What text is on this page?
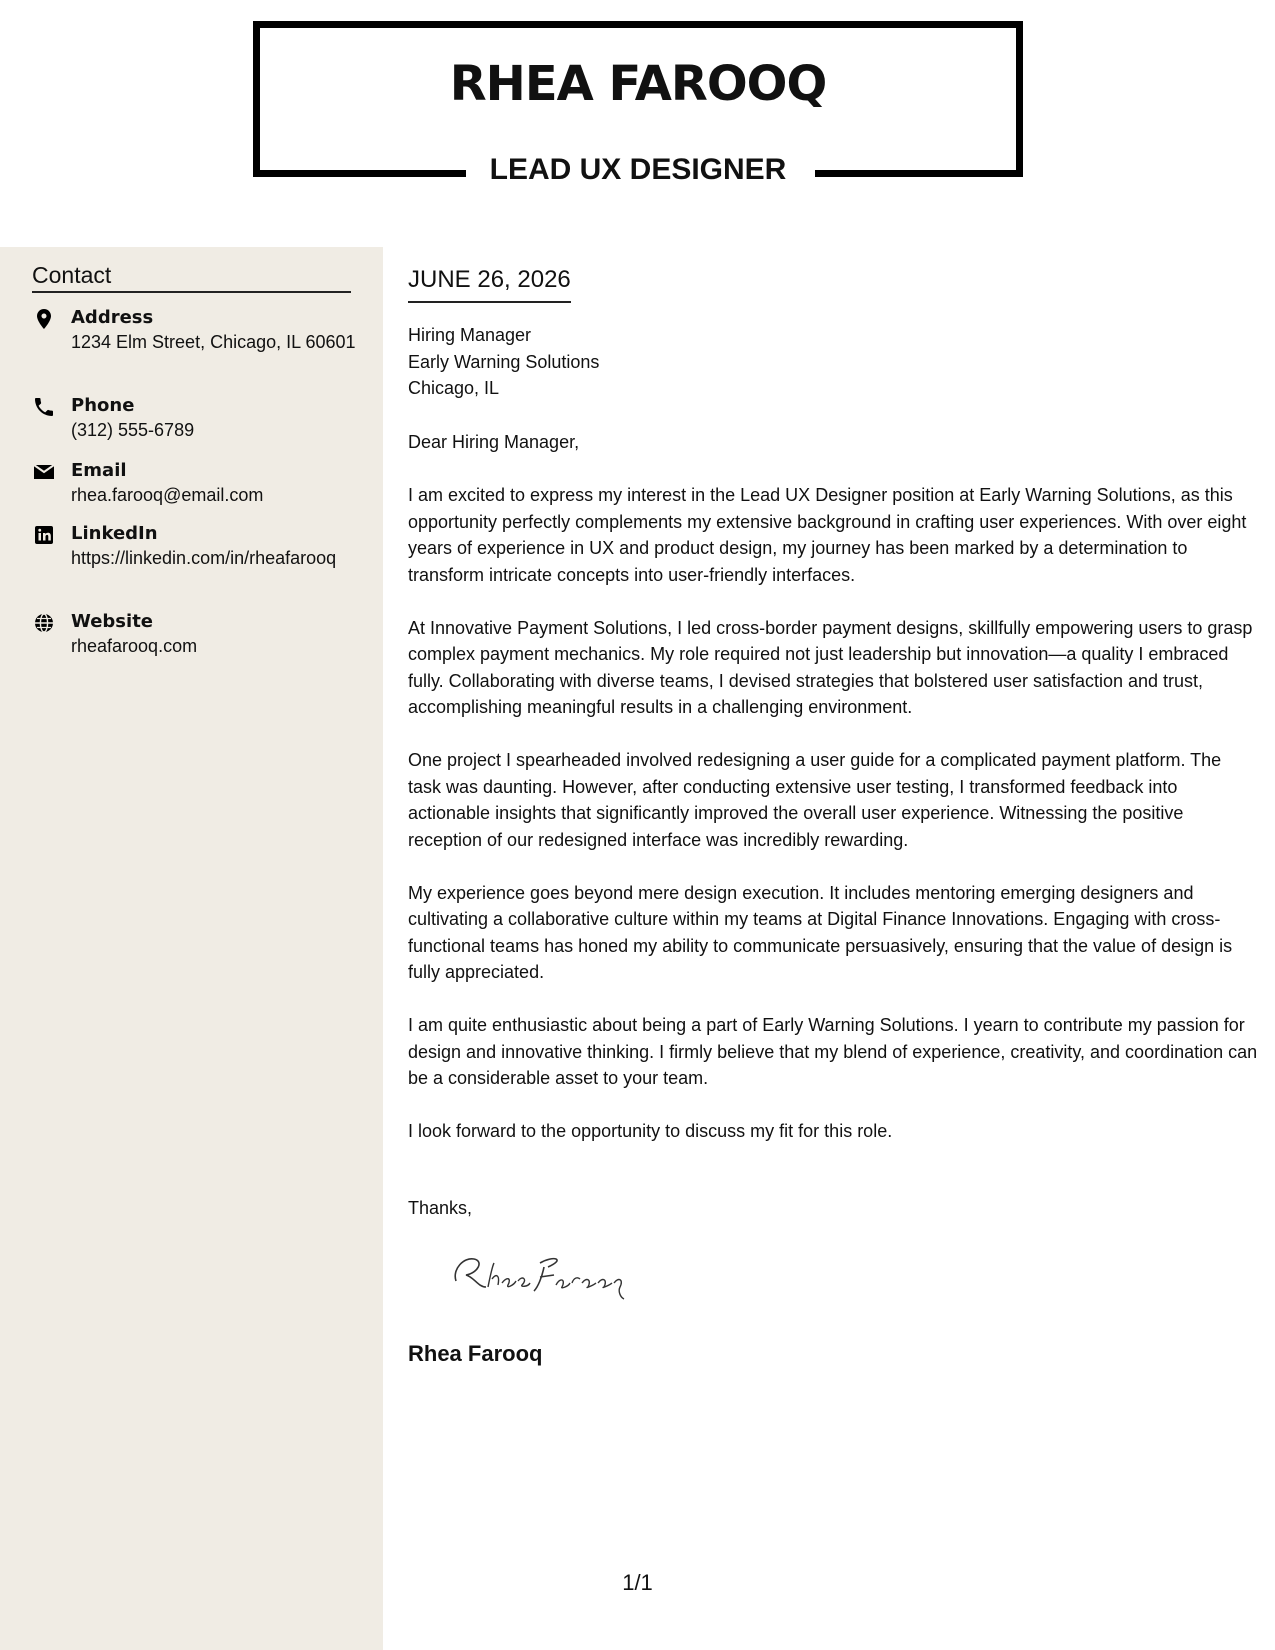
RHEA FAROOQ
LEAD UX DESIGNER
Contact
Address
1234 Elm Street, Chicago, IL 60601
Phone
(312) 555-6789
Email
rhea.farooq@email.com
LinkedIn
https://linkedin.com/in/rheafarooq
Website
rheafarooq.com
JUNE 26, 2026
Hiring Manager
Early Warning Solutions
Chicago, IL
Dear Hiring Manager,

I am excited to express my interest in the Lead UX Designer position at Early Warning Solutions, as this opportunity perfectly complements my extensive background in crafting user experiences. With over eight years of experience in UX and product design, my journey has been marked by a determination to transform intricate concepts into user-friendly interfaces.

At Innovative Payment Solutions, I led cross-border payment designs, skillfully empowering users to grasp complex payment mechanics. My role required not just leadership but innovation—a quality I embraced fully. Collaborating with diverse teams, I devised strategies that bolstered user satisfaction and trust, accomplishing meaningful results in a challenging environment.

One project I spearheaded involved redesigning a user guide for a complicated payment platform. The task was daunting. However, after conducting extensive user testing, I transformed feedback into actionable insights that significantly improved the overall user experience. Witnessing the positive reception of our redesigned interface was incredibly rewarding.

My experience goes beyond mere design execution. It includes mentoring emerging designers and cultivating a collaborative culture within my teams at Digital Finance Innovations. Engaging with cross-functional teams has honed my ability to communicate persuasively, ensuring that the value of design is fully appreciated.

I am quite enthusiastic about being a part of Early Warning Solutions. I yearn to contribute my passion for design and innovative thinking. I firmly believe that my blend of experience, creativity, and coordination can be a considerable asset to your team.

I look forward to the opportunity to discuss my fit for this role.

Thanks,
Rhea Farooq
1/1
